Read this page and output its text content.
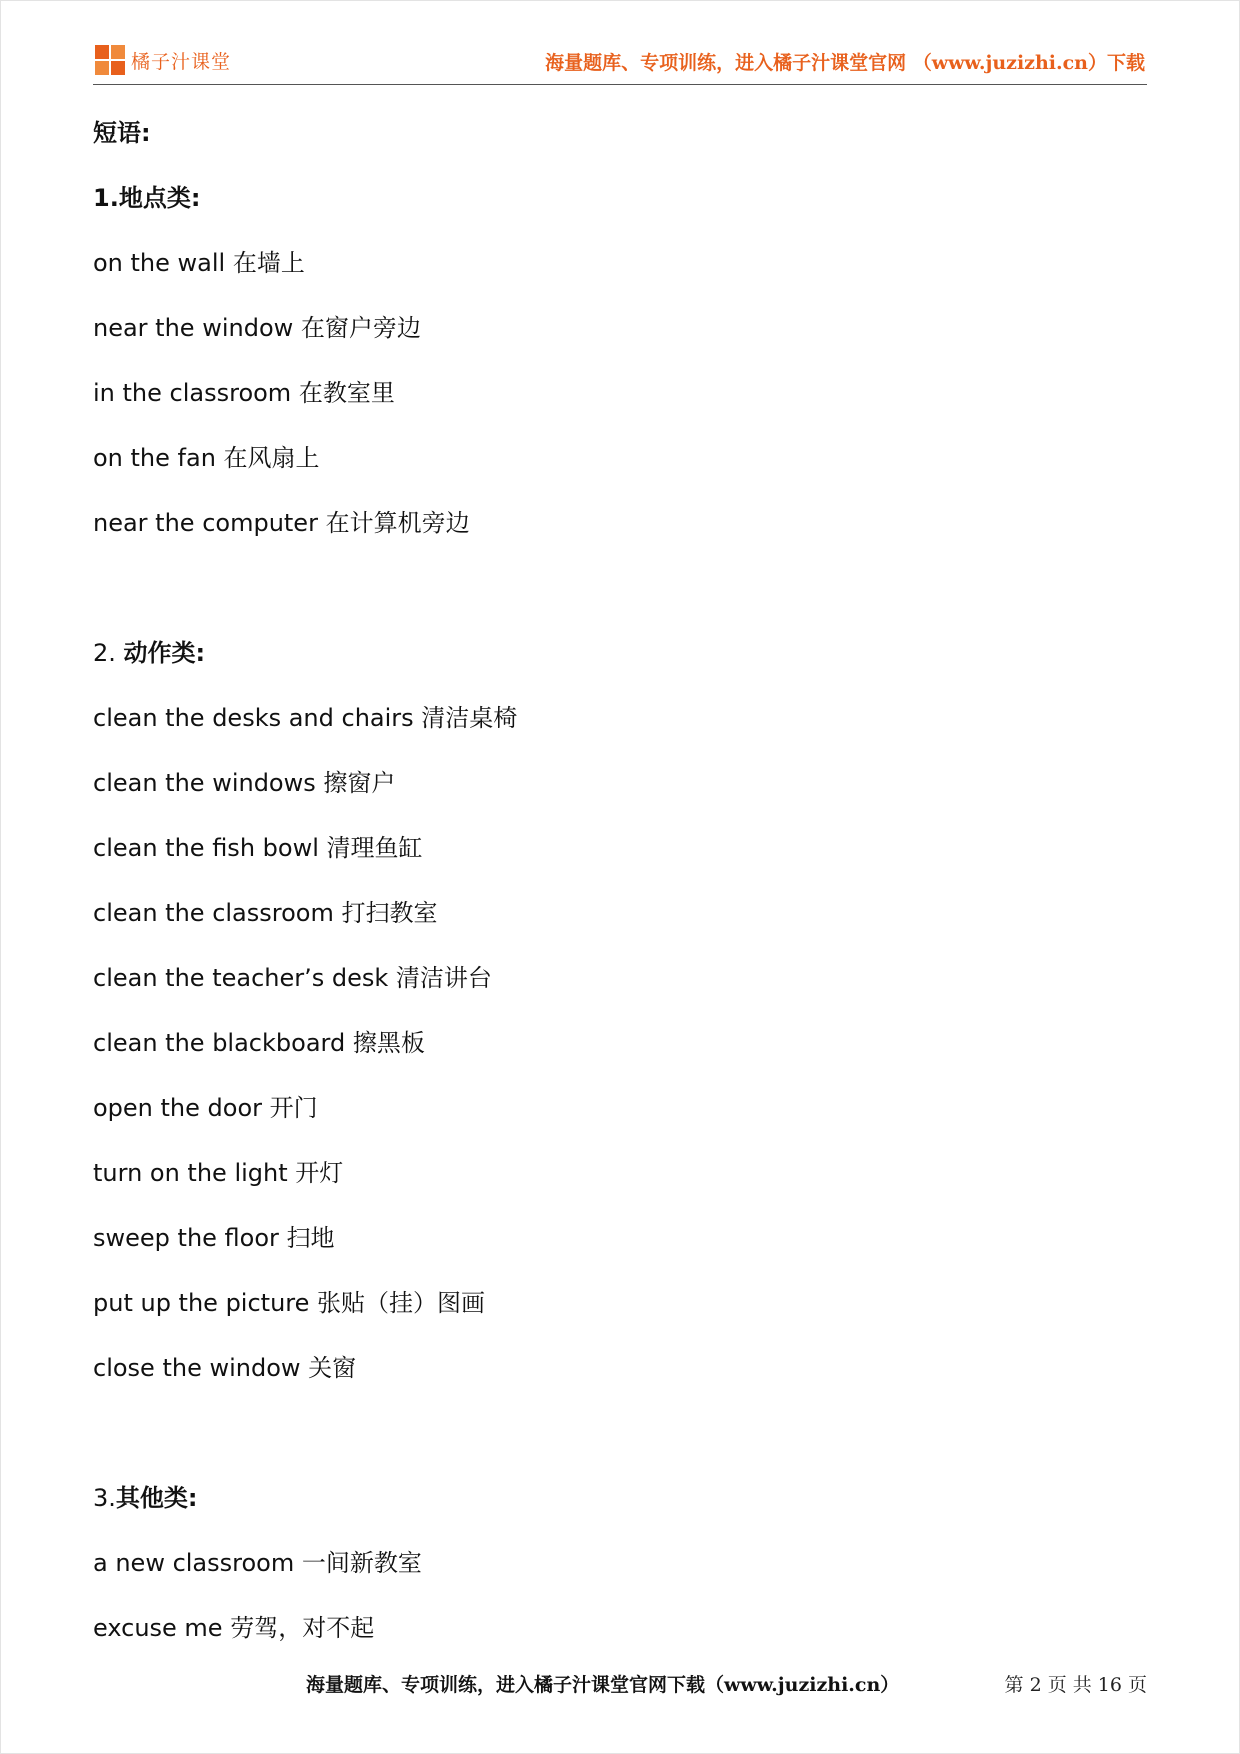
橘子汁课堂	海量题库、专项训练，进入橘子汁课堂官网 （www.juzizhi.cn）下载
短语:
1.地点类:
on the wall 在墙上
near the window 在窗户旁边
in the classroom 在教室里
on the fan 在风扇上
near the computer 在计算机旁边
2. 动作类:
clean the desks and chairs 清洁桌椅
clean the windows 擦窗户
clean the fish bowl 清理鱼缸
clean the classroom 打扫教室
clean the teacher’s desk 清洁讲台
clean the blackboard 擦黑板
open the door 开门
turn on the light 开灯
sweep the floor 扫地
put up the picture 张贴（挂）图画
close the window 关窗
3.其他类:
a new classroom 一间新教室
excuse me 劳驾，对不起
海量题库、专项训练，进入橘子汁课堂官网下载（www.juzizhi.cn）	第 2 页 共 16 页
